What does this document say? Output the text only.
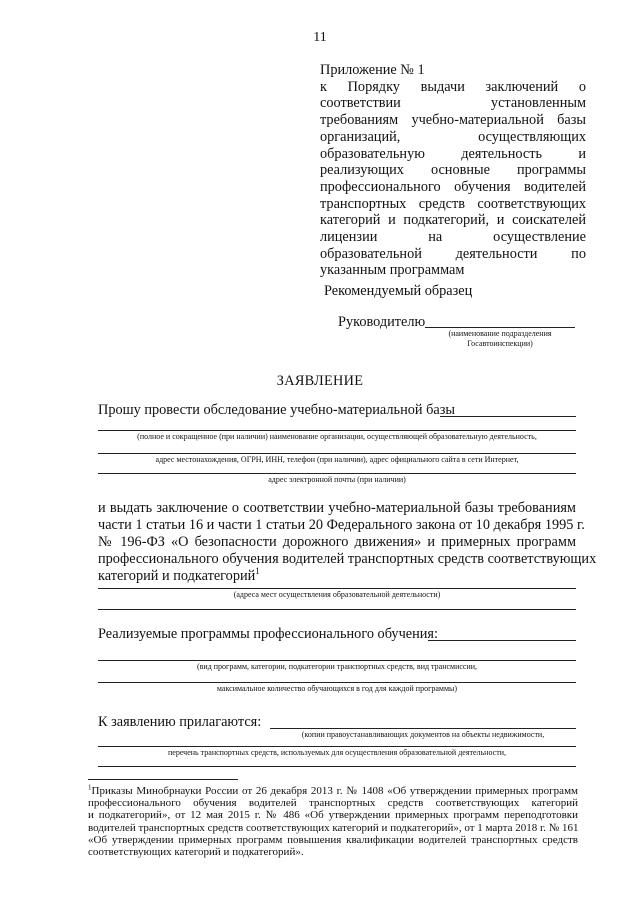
11
Приложение № 1
к Порядку выдачи заключений о
соответствии установленным
требованиям учебно-материальной базы
организаций, осуществляющих
образовательную деятельность и
реализующих основные программы
профессионального обучения водителей
транспортных средств соответствующих
категорий и подкатегорий, и соискателей
лицензии на осуществление
образовательной деятельности по
указанным программам
Рекомендуемый образец
Руководителю
(наименование подразделения
Госавтоинспекции)
ЗАЯВЛЕНИЕ
Прошу провести обследование учебно-материальной базы
(полное и сокращенное (при наличии) наименование организации, осуществляющей образовательную деятельность,
адрес местонахождения, ОГРН, ИНН, телефон (при наличии), адрес официального сайта в сети Интернет,
адрес электронной почты (при наличии)
и выдать заключение о соответствии учебно-материальной базы требованиям
части 1 статьи 16 и части 1 статьи 20 Федерального закона от 10 декабря 1995 г.
№ 196-ФЗ «О безопасности дорожного движения» и примерных программ
профессионального обучения водителей транспортных средств соответствующих
категорий и подкатегорий$^1$
(адреса мест осуществления образовательной деятельности)
Реализуемые программы профессионального обучения:
(вид программ, категории, подкатегории транспортных средств, вид трансмиссии,
максимальное количество обучающихся в год для каждой программы)
К заявлению прилагаются:
(копии правоустанавливающих документов на объекты недвижимости,
перечень транспортных средств, используемых для осуществления образовательной деятельности,
$^1$Приказы Минобрнауки России от 26 декабря 2013 г. № 1408 «Об утверждении примерных программ
профессионального обучения водителей транспортных средств соответствующих категорий
и подкатегорий», от 12 мая 2015 г. № 486 «Об утверждении примерных программ переподготовки
водителей транспортных средств соответствующих категорий и подкатегорий», от 1 марта 2018 г. № 161
«Об утверждении примерных программ повышения квалификации водителей транспортных средств
соответствующих категорий и подкатегорий».
